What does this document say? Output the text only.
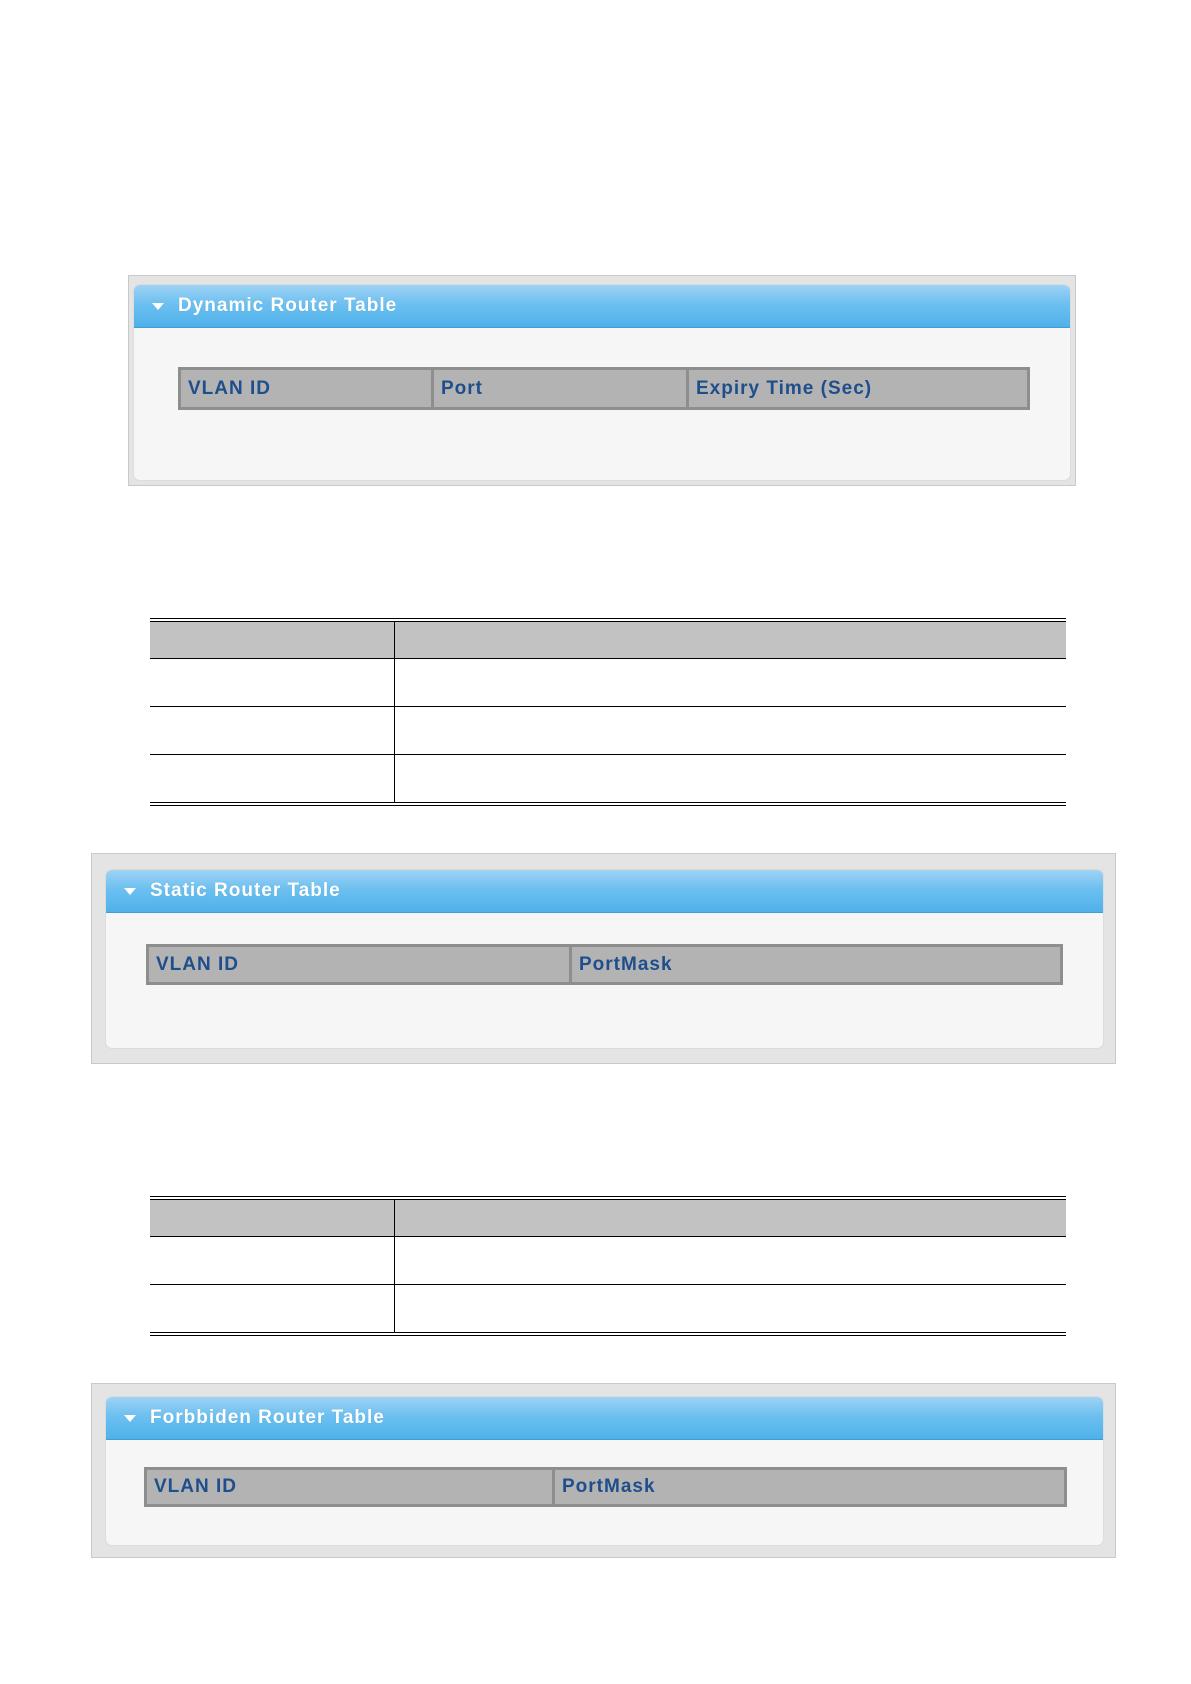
Dynamic Router Table
VLAN ID	Port	Expiry Time (Sec)
Static Router Table
VLAN ID	PortMask
Forbbiden Router Table
VLAN ID	PortMask
